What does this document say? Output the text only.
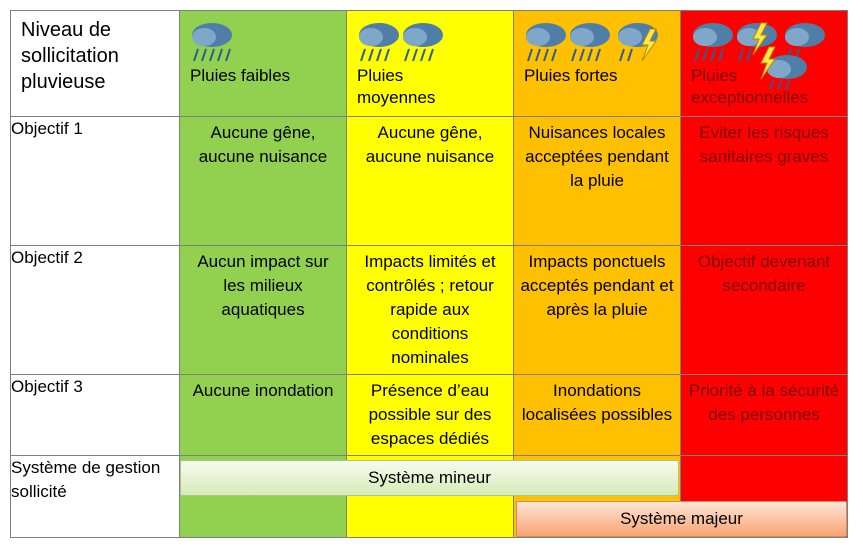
Niveau de sollicitation pluvieuse	Pluies faibles	Pluies moyennes	Pluies fortes	Pluies exceptionnelles

Objectif 1	Aucune gêne, aucune nuisance	Aucune gêne, aucune nuisance	Nuisances locales acceptées pendant la pluie	Eviter les risques sanitaires graves

Objectif 2	Aucun impact sur les milieux aquatiques	Impacts limités et contrôlés ; retour rapide aux conditions nominales	Impacts ponctuels acceptés pendant et après la pluie	Objectif devenant secondaire

Objectif 3	Aucune inondation	Présence d’eau possible sur des espaces dédiés	Inondations localisées possibles	Priorité à la sécurité des personnes

Système de gestion sollicité				
Système mineur
Système majeur
